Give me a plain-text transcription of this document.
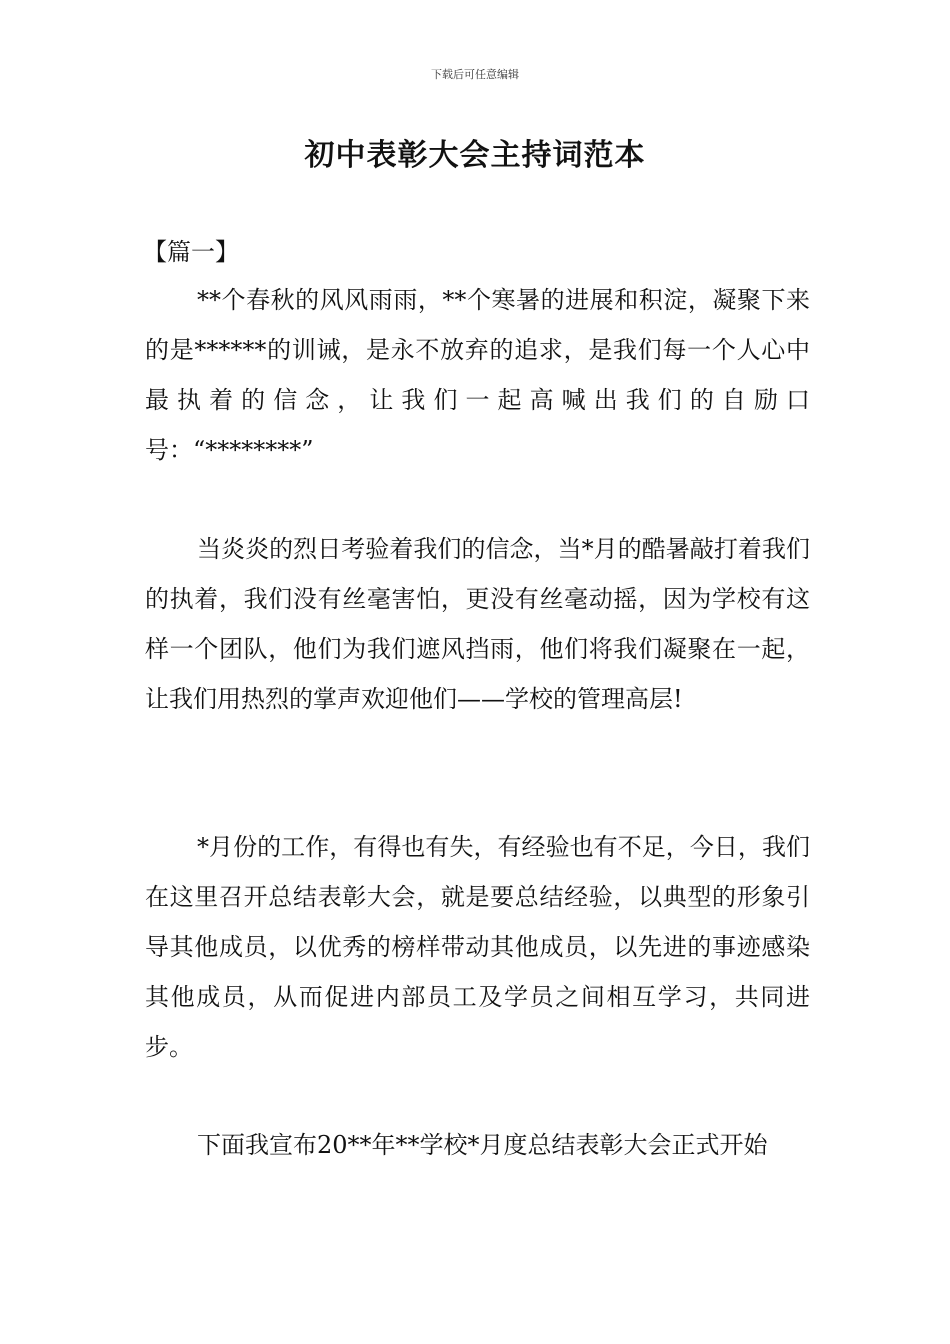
下载后可任意编辑
初中表彰大会主持词范本
【篇一】

**个春秋的风风雨雨，**个寒暑的进展和积淀，凝聚下来的是******的训诫，是永不放弃的追求，是我们每一个人心中最执着的信念，让我们一起高喊出我们的自励口号：“********”

当炎炎的烈日考验着我们的信念，当*月的酷暑敲打着我们的执着，我们没有丝毫害怕，更没有丝毫动摇，因为学校有这样一个团队，他们为我们遮风挡雨，他们将我们凝聚在一起，让我们用热烈的掌声欢迎他们——学校的管理高层!

*月份的工作，有得也有失，有经验也有不足，今日，我们在这里召开总结表彰大会，就是要总结经验，以典型的形象引导其他成员，以优秀的榜样带动其他成员，以先进的事迹感染其他成员，从而促进内部员工及学员之间相互学习，共同进步。

下面我宣布20**年**学校*月度总结表彰大会正式开始
